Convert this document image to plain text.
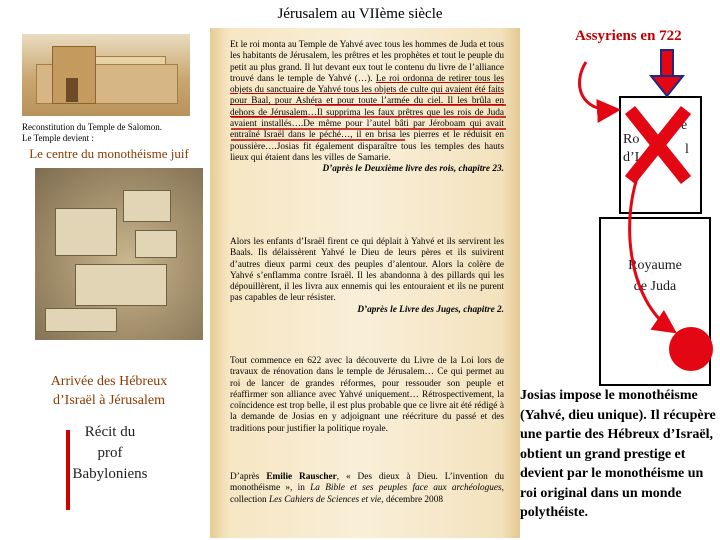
Jérusalem au VIIème siècle
Reconstitution du Temple de Salomon.
Le Temple devient :
Le centre du monothéisme juif
Arrivée des Hébreux
d’Israël à Jérusalem
Récit du
prof
Babyloniens
Et le roi monta au Temple de Yahvé avec tous les hommes de Juda et tous les habitants de Jérusalem, les prêtres et les prophètes et tout le peuple du petit au plus grand. Il lut devant eux tout le contenu du livre de l’alliance trouvé dans le temple de Yahvé (…). Le roi ordonna de retirer tous les objets du sanctuaire de Yahvé tous les objets de culte qui avaient été faits pour Baal, pour Ashéra et pour toute l’armée du ciel. Il les brûla en dehors de Jérusalem…Il supprima les faux prêtres que les rois de Juda avaient installés….De même pour l’autel bâti par Jéroboam qui avait entraîné Israël dans le péché…, il en brisa les pierres et le réduisit en poussière….Josias fit également disparaître tous les temples des hauts lieux qui étaient dans les villes de Samarie.
D’après le Deuxième livre des rois, chapitre 23.
Alors les enfants d’Israël firent ce qui déplait à Yahvé et ils servirent les Baals. Ils délaissèrent Yahvé le Dieu de leurs pères et ils suivirent d’autres dieux parmi ceux des peuples d’alentour. Alors la colère de Yahvé s’enflamma contre Israël. Il les abandonna à des pillards qui les dépouillèrent, il les livra aux ennemis qui les entouraient et ils ne purent pas capables de leur résister.
D’après le Livre des Juges, chapitre 2.
Tout commence en 622 avec la découverte du Livre de la Loi lors de travaux de rénovation dans le temple de Jérusalem… Ce qui permet au roi de lancer de grandes réformes, pour ressouder son peuple et réaffirmer son alliance avec Yahvé uniquement… Rétrospectivement, la coïncidence est trop belle, il est plus probable que ce livre ait été rédigé à la demande de Josias en y adjoignant une réécriture du passé et des traditions pour justifier la politique royale.
D’après Emilie Rauscher, « Des dieux à Dieu. L’invention du monothéisme », in La Bible et ses peuples face aux archéologues, collection Les Cahiers de Sciences et vie, décembre 2008
Assyriens en 722
Ro
d’I
e
l
Royaume
de Juda
Josias impose le monothéisme (Yahvé, dieu unique). Il récupère une partie des Hébreux d’Israël, obtient un grand prestige et devient par le monothéisme un roi original dans un monde polythéiste.
